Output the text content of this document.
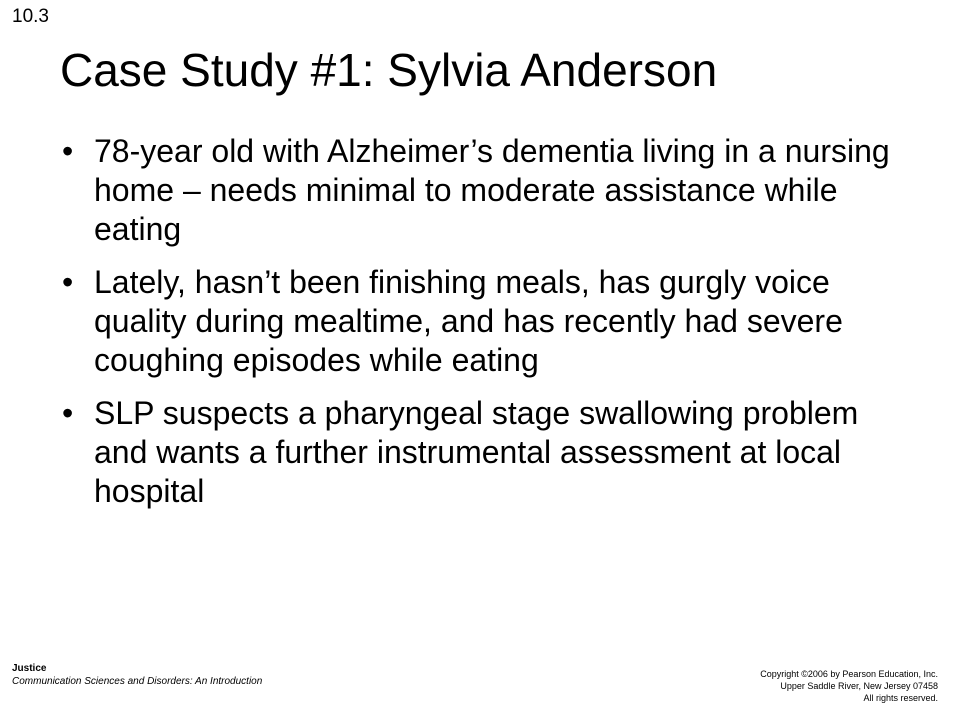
10.3
Case Study #1: Sylvia Anderson
• 78-year old with Alzheimer’s dementia living in a nursing home – needs minimal to moderate assistance while eating
• Lately, hasn’t been finishing meals, has gurgly voice quality during mealtime, and has recently had severe coughing episodes while eating
• SLP suspects a pharyngeal stage swallowing problem and wants a further instrumental assessment at local hospital
Justice
Communication Sciences and Disorders: An Introduction
Copyright ©2006 by Pearson Education, Inc.
Upper Saddle River, New Jersey 07458
All rights reserved.
